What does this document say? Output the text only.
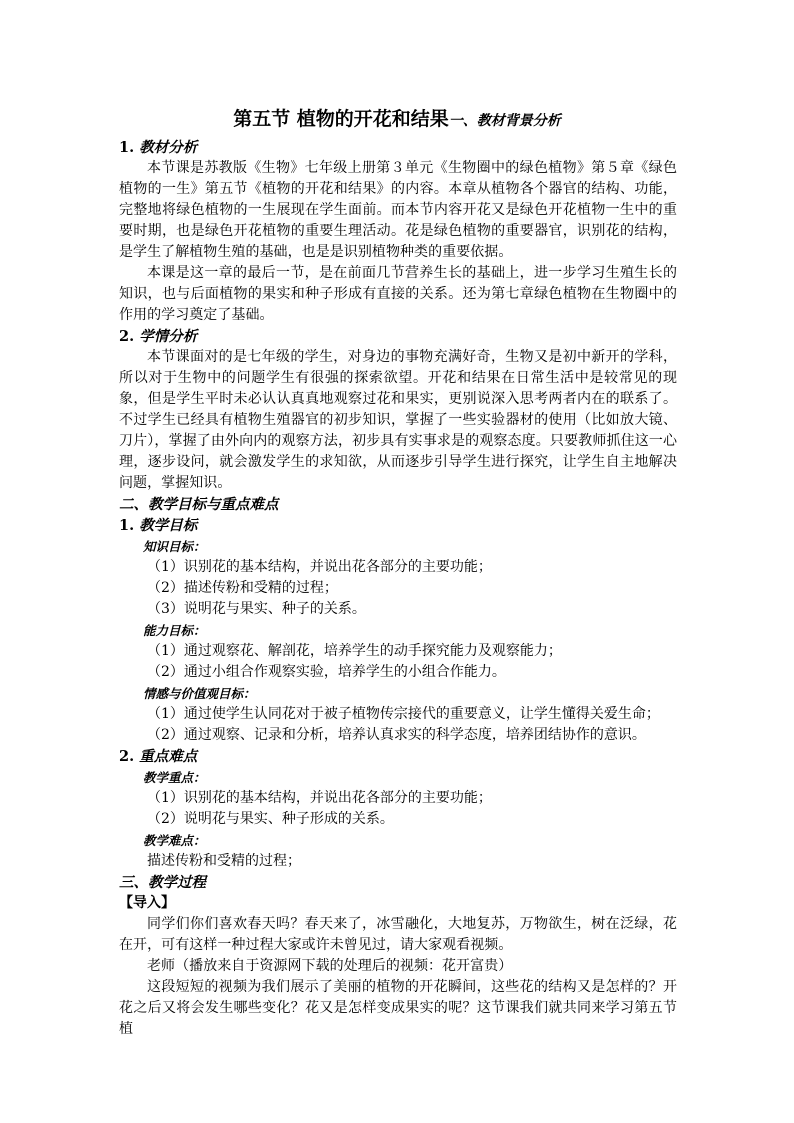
第五节 植物的开花和结果一、教材背景分析
1. 教材分析

本节课是苏教版《生物》七年级上册第３单元《生物圈中的绿色植物》第５章《绿色植物的一生》第五节《植物的开花和结果》的内容。本章从植物各个器官的结构、功能，完整地将绿色植物的一生展现在学生面前。而本节内容开花又是绿色开花植物一生中的重要时期，也是绿色开花植物的重要生理活动。花是绿色植物的重要器官，识别花的结构，是学生了解植物生殖的基础，也是是识别植物种类的重要依据。

本课是这一章的最后一节，是在前面几节营养生长的基础上，进一步学习生殖生长的知识，也与后面植物的果实和种子形成有直接的关系。还为第七章绿色植物在生物圈中的作用的学习奠定了基础。

2. 学情分析

本节课面对的是七年级的学生，对身边的事物充满好奇，生物又是初中新开的学科，所以对于生物中的问题学生有很强的探索欲望。开花和结果在日常生活中是较常见的现象，但是学生平时未必认认真真地观察过花和果实，更别说深入思考两者内在的联系了。不过学生已经具有植物生殖器官的初步知识，掌握了一些实验器材的使用（比如放大镜、刀片），掌握了由外向内的观察方法，初步具有实事求是的观察态度。只要教师抓住这一心理，逐步设问，就会激发学生的求知欲，从而逐步引导学生进行探究，让学生自主地解决问题，掌握知识。

二、教学目标与重点难点
1. 教学目标
知识目标：
（1）识别花的基本结构，并说出花各部分的主要功能；
（2）描述传粉和受精的过程；
（3）说明花与果实、种子的关系。
能力目标：
（1）通过观察花、解剖花，培养学生的动手探究能力及观察能力；
（2）通过小组合作观察实验，培养学生的小组合作能力。
情感与价值观目标：
（1）通过使学生认同花对于被子植物传宗接代的重要意义，让学生懂得关爱生命；
（2）通过观察、记录和分析，培养认真求实的科学态度，培养团结协作的意识。
2. 重点难点
教学重点：
（1）识别花的基本结构，并说出花各部分的主要功能；
（2）说明花与果实、种子形成的关系。
教学难点：
描述传粉和受精的过程；
三、教学过程
【导入】

同学们你们喜欢春天吗？春天来了，冰雪融化，大地复苏，万物欲生，树在泛绿，花在开，可有这样一种过程大家或许未曾见过，请大家观看视频。

老师（播放来自于资源网下载的处理后的视频：花开富贵）

这段短短的视频为我们展示了美丽的植物的开花瞬间，这些花的结构又是怎样的？开花之后又将会发生哪些变化？花又是怎样变成果实的呢？这节课我们就共同来学习第五节植
